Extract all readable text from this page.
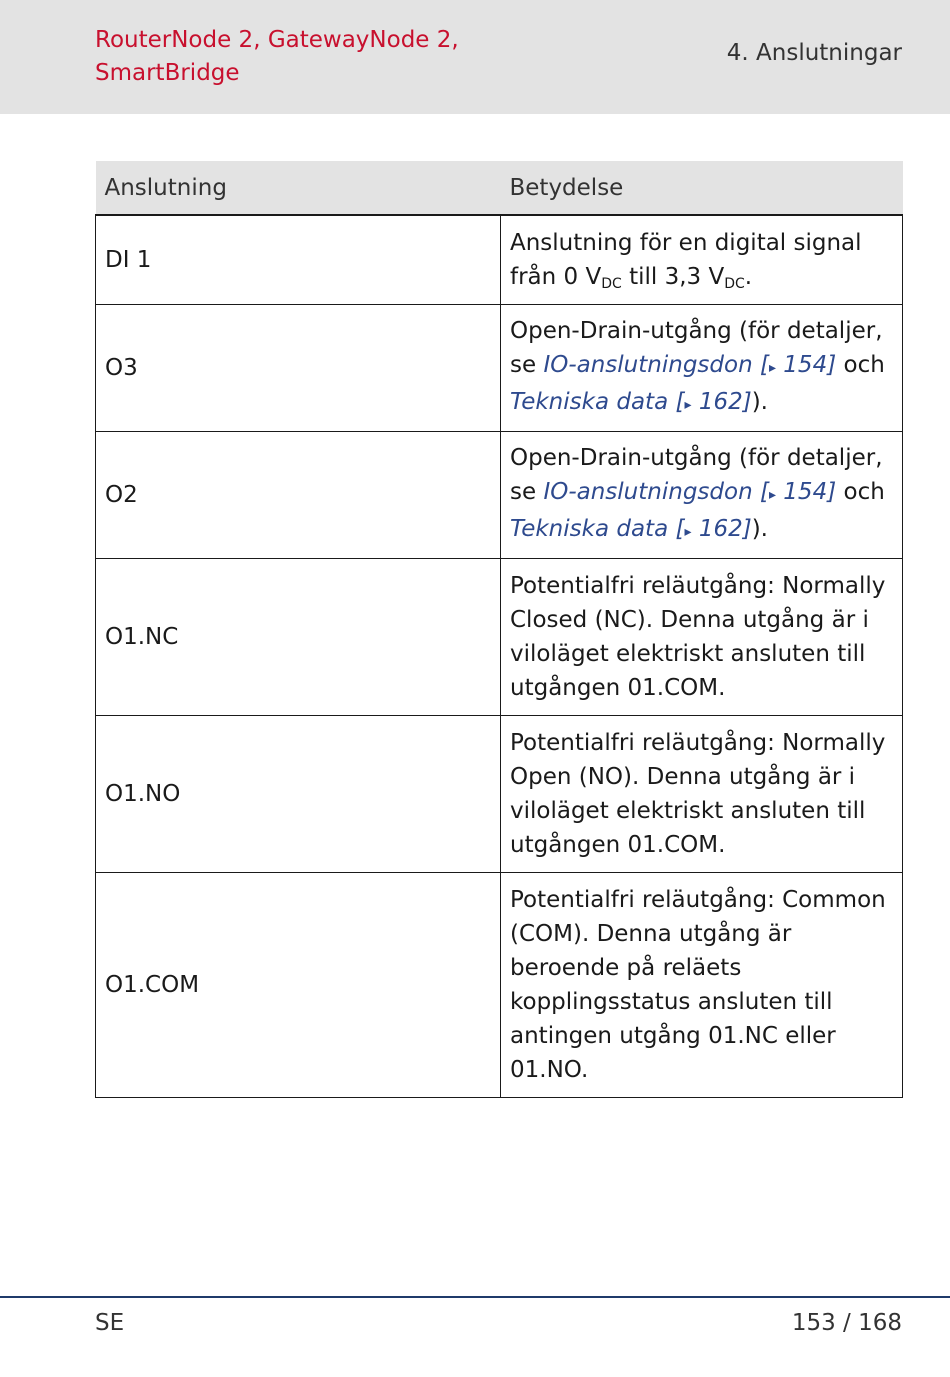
RouterNode 2, GatewayNode 2,
SmartBridge
4. Anslutningar
Anslutning	Betydelse
DI 1	Anslutning för en digital signal
från 0 $V_{DC}$ till 3,3 $V_{DC}$.
O3	Open-Drain-utgång (för detaljer, se IO-anslutningsdon [▸ 154] och Tekniska data [▸ 162]).
O2	Open-Drain-utgång (för detaljer, se IO-anslutningsdon [▸ 154] och Tekniska data [▸ 162]).
O1.NC	Potentialfri reläutgång: Normally Closed (NC). Denna utgång är i viloläget elektriskt ansluten till utgången 01.COM.
O1.NO	Potentialfri reläutgång: Normally Open (NO). Denna utgång är i viloläget elektriskt ansluten till utgången 01.COM.
O1.COM	Potentialfri reläutgång: Common (COM). Denna utgång är beroende på reläets kopplingsstatus ansluten till antingen utgång 01.NC eller 01.NO.
SE	153 / 168
